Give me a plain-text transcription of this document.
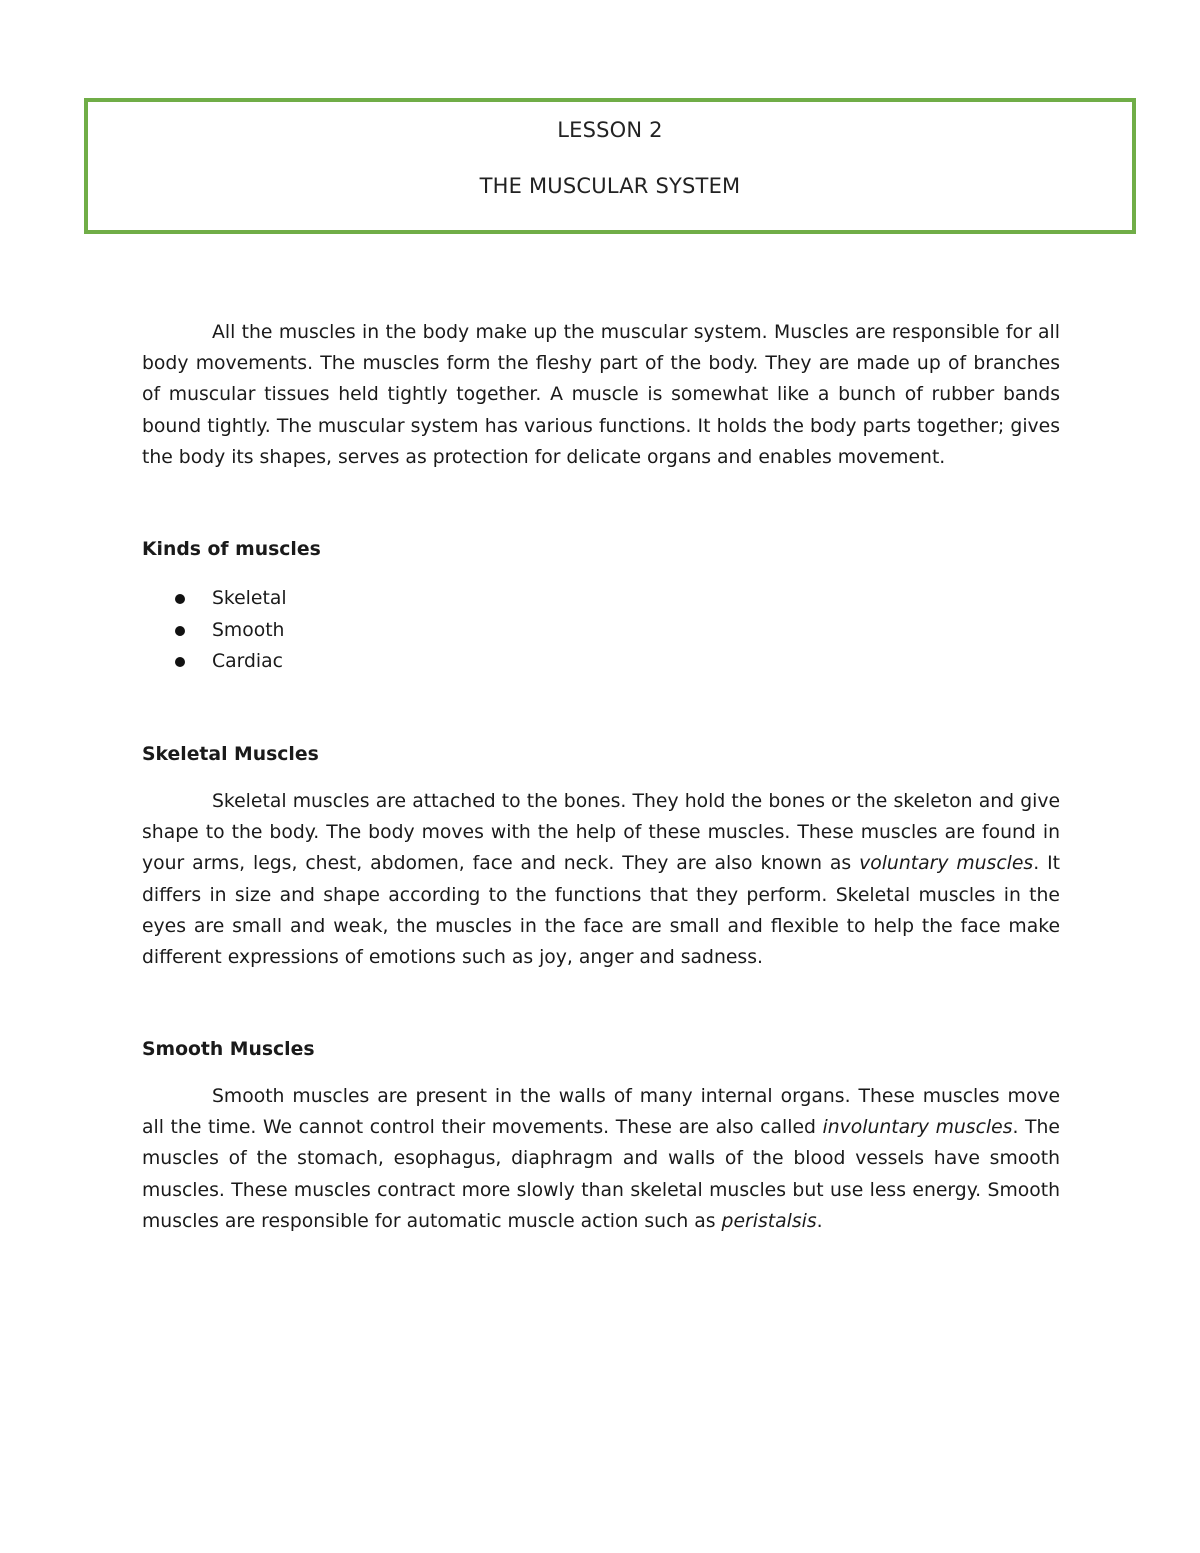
LESSON 2
THE MUSCULAR SYSTEM

All the muscles in the body make up the muscular system. Muscles are responsible for all body movements. The muscles form the fleshy part of the body. They are made up of branches of muscular tissues held tightly together. A muscle is somewhat like a bunch of rubber bands bound tightly. The muscular system has various functions. It holds the body parts together; gives the body its shapes, serves as protection for delicate organs and enables movement.

Kinds of muscles
Skeletal
Smooth
Cardiac
Skeletal Muscles

Skeletal muscles are attached to the bones. They hold the bones or the skeleton and give shape to the body. The body moves with the help of these muscles. These muscles are found in your arms, legs, chest, abdomen, face and neck. They are also known as voluntary muscles. It differs in size and shape according to the functions that they perform. Skeletal muscles in the eyes are small and weak, the muscles in the face are small and flexible to help the face make different expressions of emotions such as joy, anger and sadness.

Smooth Muscles

Smooth muscles are present in the walls of many internal organs. These muscles move all the time. We cannot control their movements. These are also called involuntary muscles. The muscles of the stomach, esophagus, diaphragm and walls of the blood vessels have smooth muscles. These muscles contract more slowly than skeletal muscles but use less energy. Smooth muscles are responsible for automatic muscle action such as peristalsis.
